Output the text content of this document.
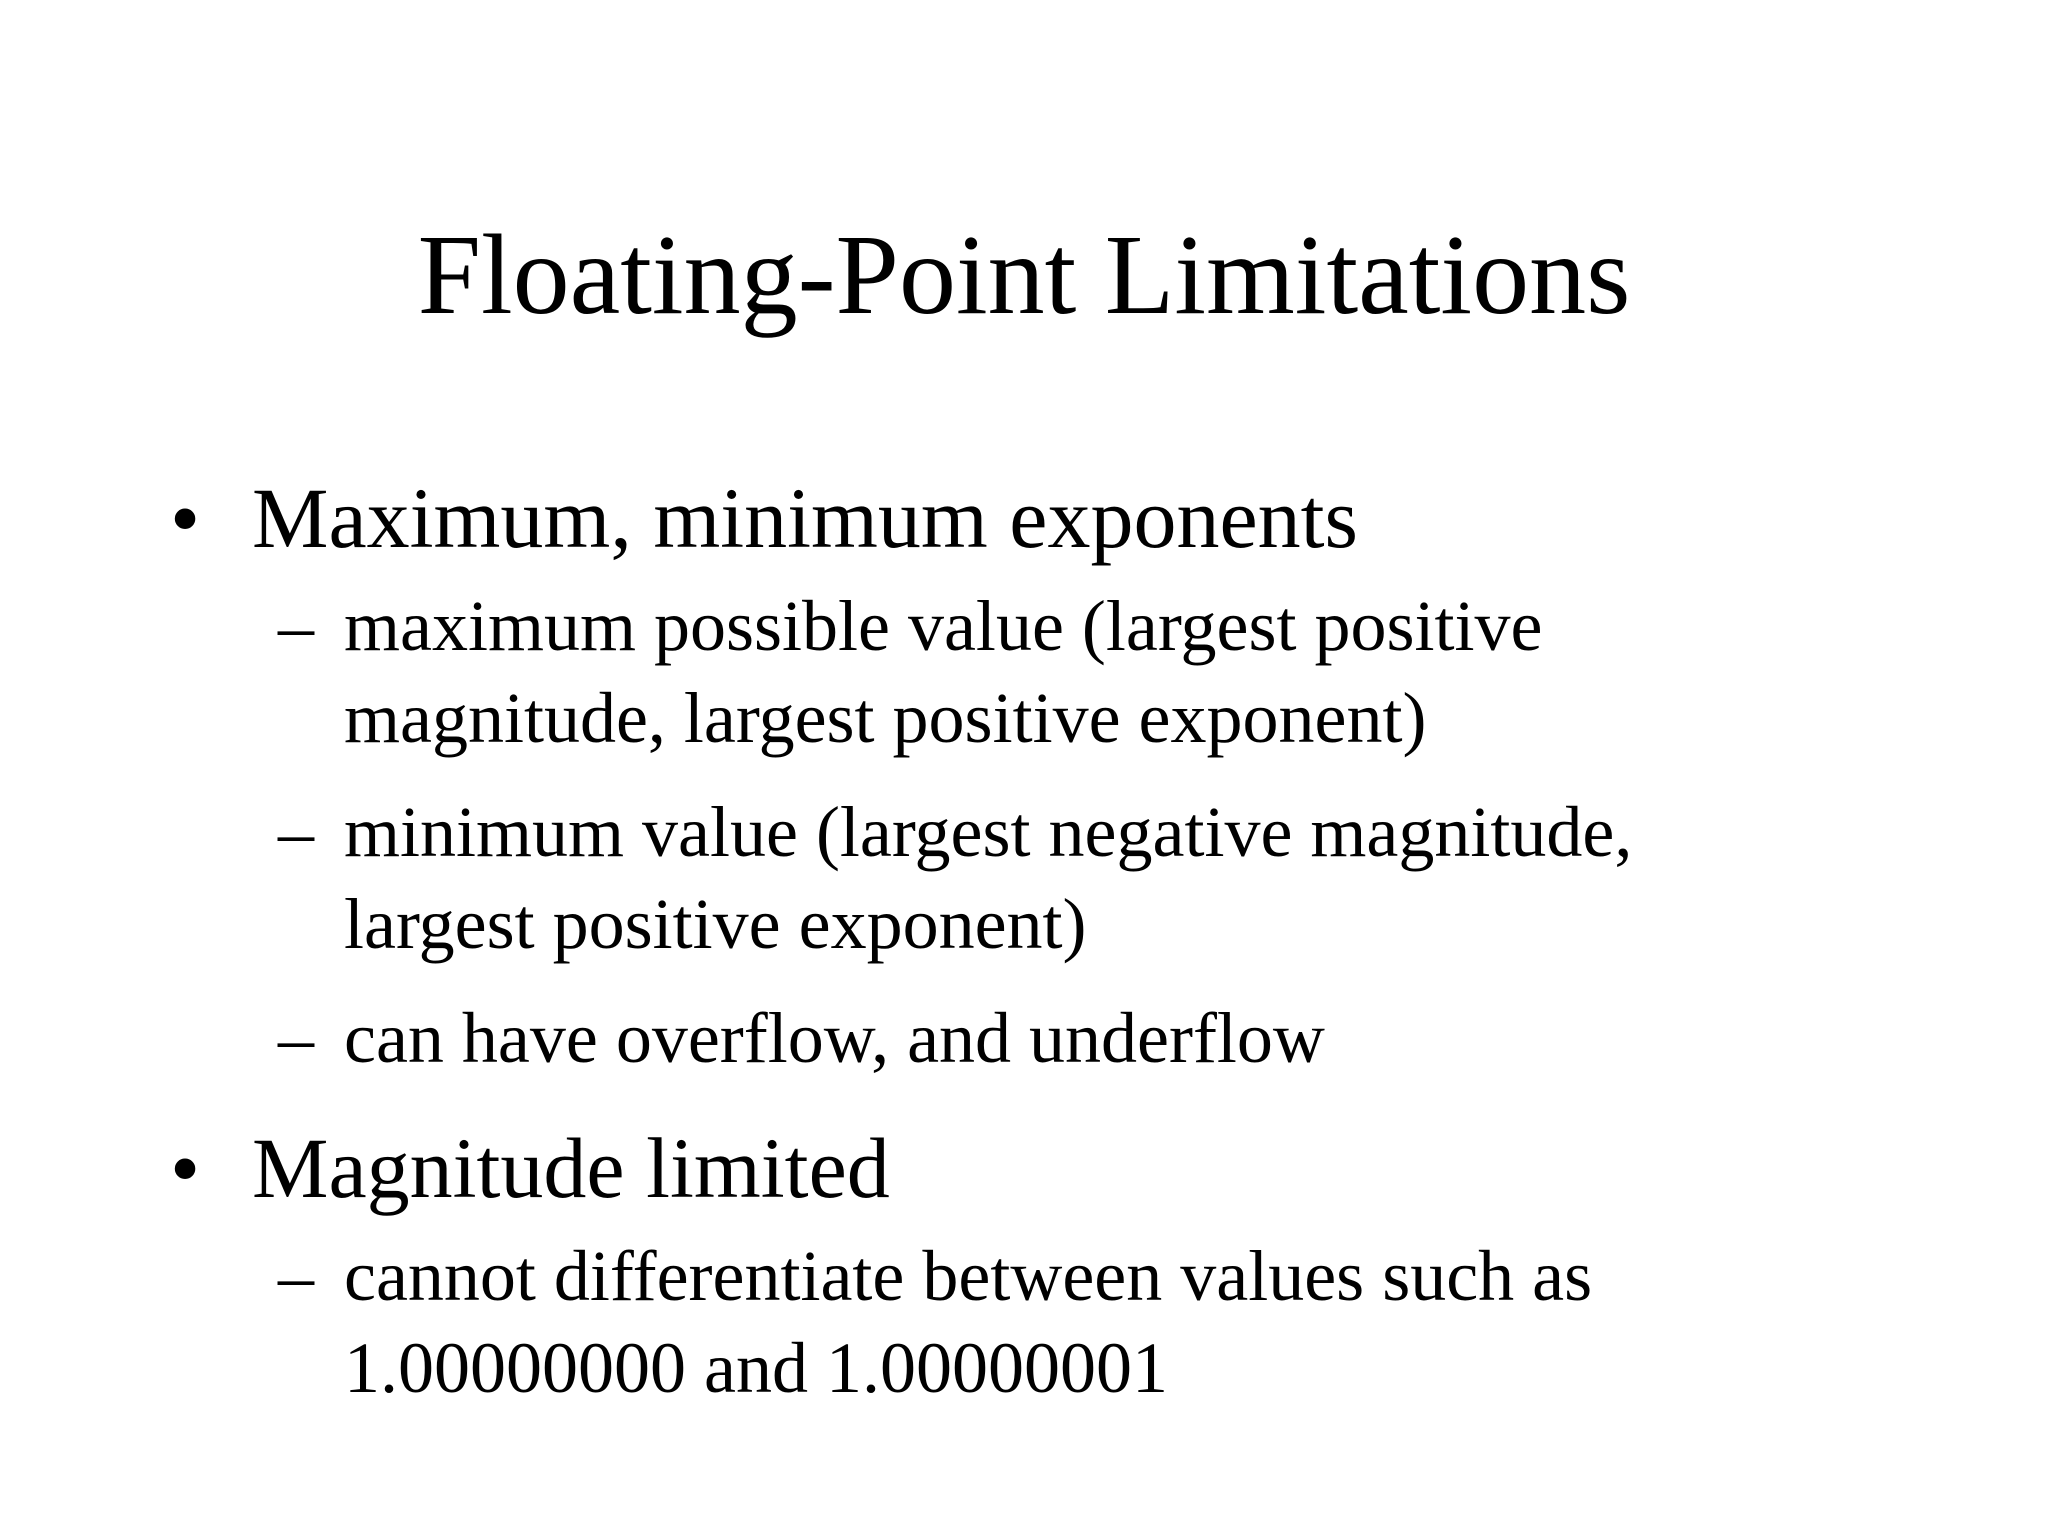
Floating-Point Limitations
• Maximum, minimum exponents
– maximum possible value (largest positive magnitude, largest positive exponent)
– minimum value (largest negative magnitude, largest positive exponent)
– can have overflow, and underflow
• Magnitude limited
– cannot differentiate between values such as 1.00000000 and 1.00000001
